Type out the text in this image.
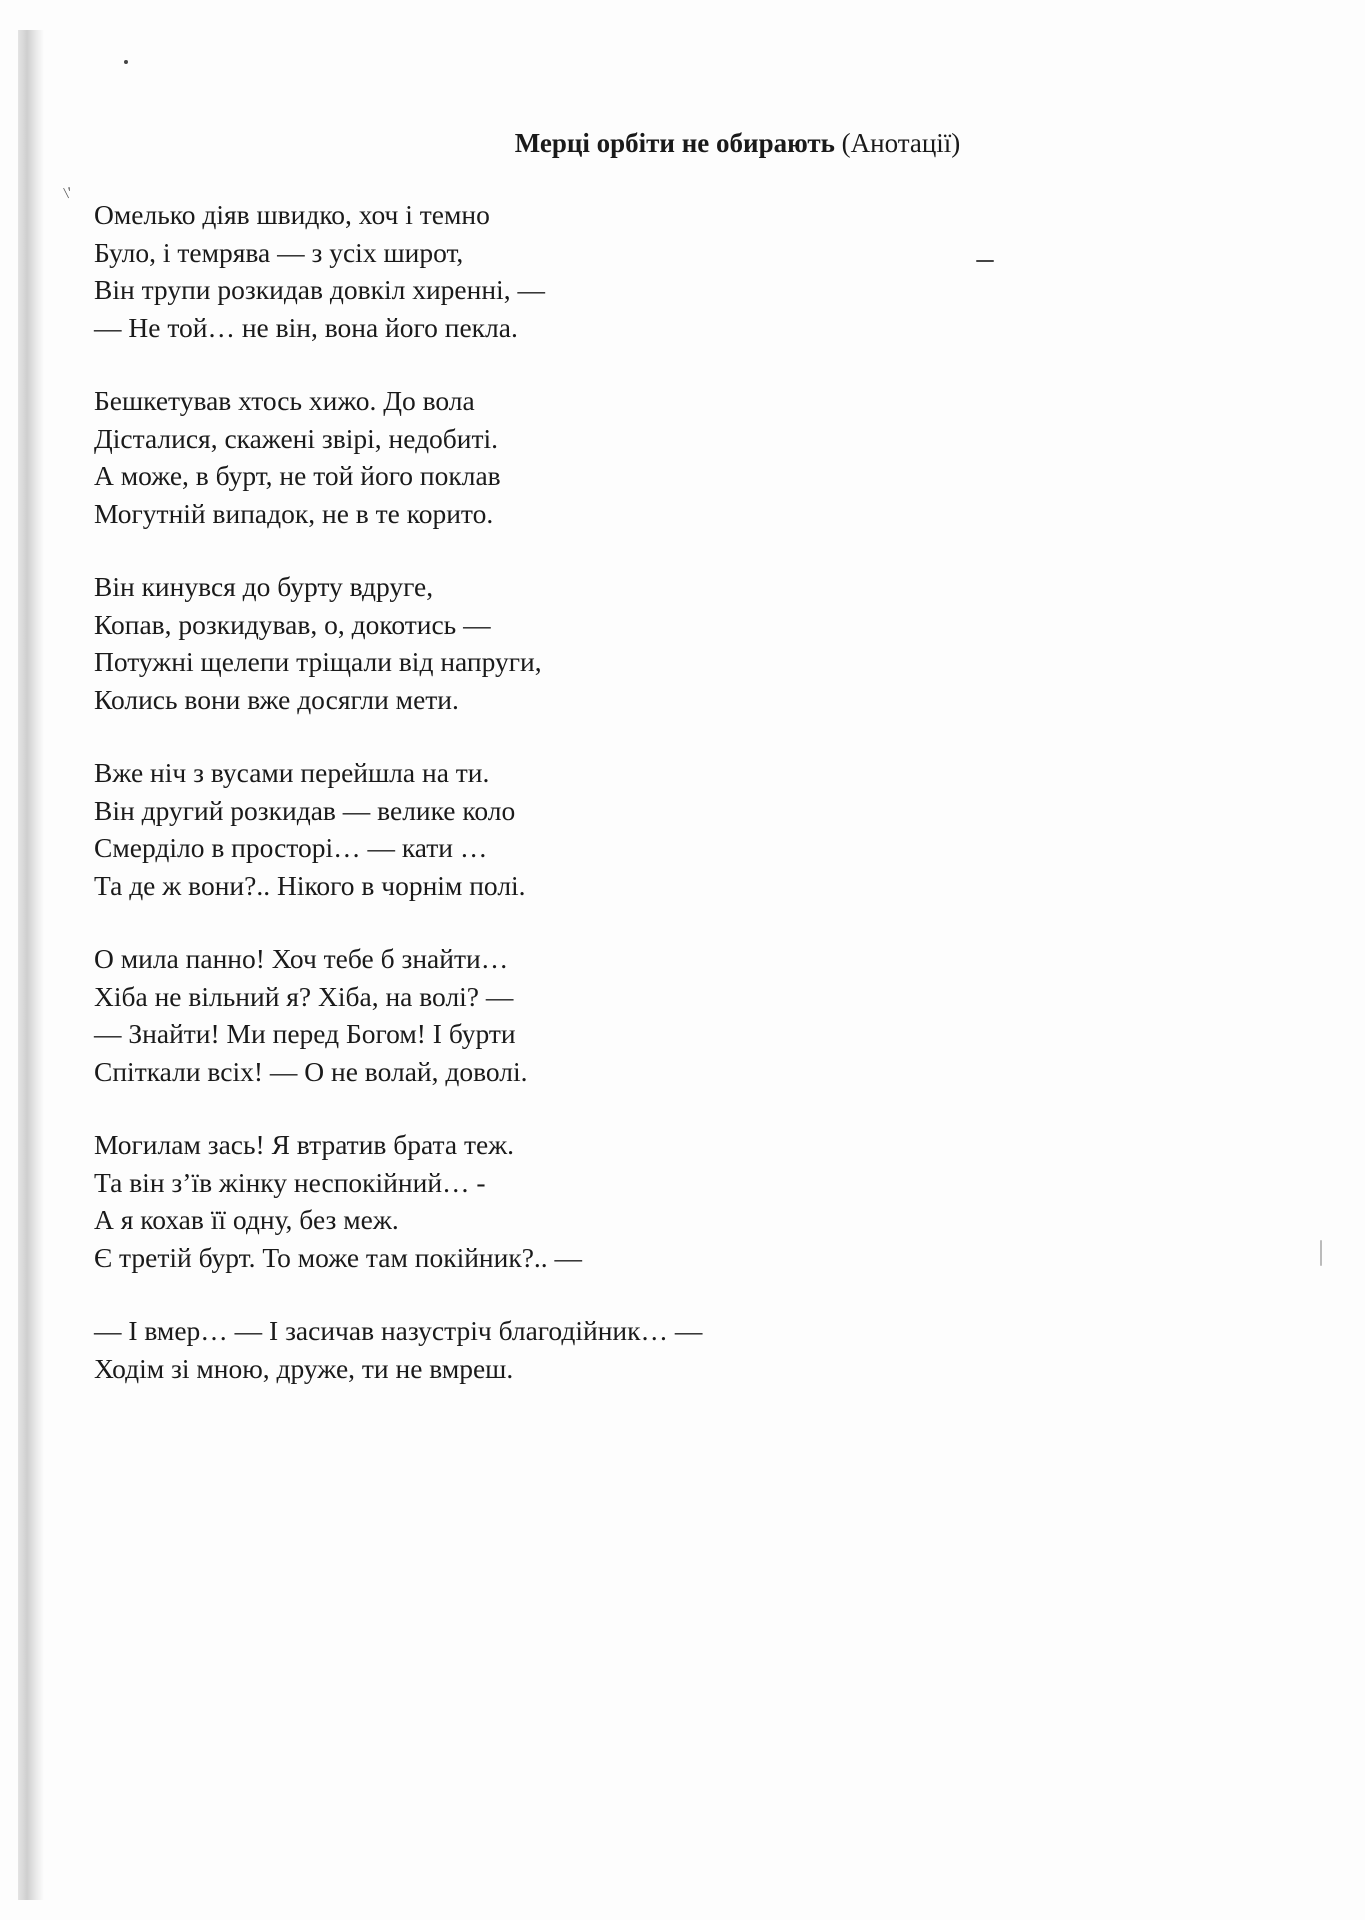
Мерці орбіти не обирають (Анотації)
\'
Омелько діяв швидко, хоч і темно
Було, і темрява — з усіх широт,
Він трупи розкидав довкіл хиренні, —
— Не той… не він, вона його пекла.
Бешкетував хтось хижо. До вола
Дісталися, скажені звірі, недобиті.
А може, в бурт, не той його поклав
Могутній випадок, не в те корито.
Він кинувся до бурту вдруге,
Копав, розкидував, о, докотись —
Потужні щелепи тріщали від напруги,
Колись вони вже досягли мети.
Вже ніч з вусами перейшла на ти.
Він другий розкидав — велике коло
Смерділо в просторі… — кати …
Та де ж вони?.. Нікого в чорнім полі.
О мила панно! Хоч тебе б знайти…
Хіба не вільний я? Хіба, на волі? —
— Знайти! Ми перед Богом! І бурти
Спіткали всіх! — О не волай, доволі.
Могилам зась! Я втратив брата теж.
Та він з’їв жінку неспокійний… -
А я кохав її одну, без меж.
Є третій бурт. То може там покійник?.. —
— І вмер… — І засичав назустріч благодійник… —
Ходім зі мною, друже, ти не вмреш.
